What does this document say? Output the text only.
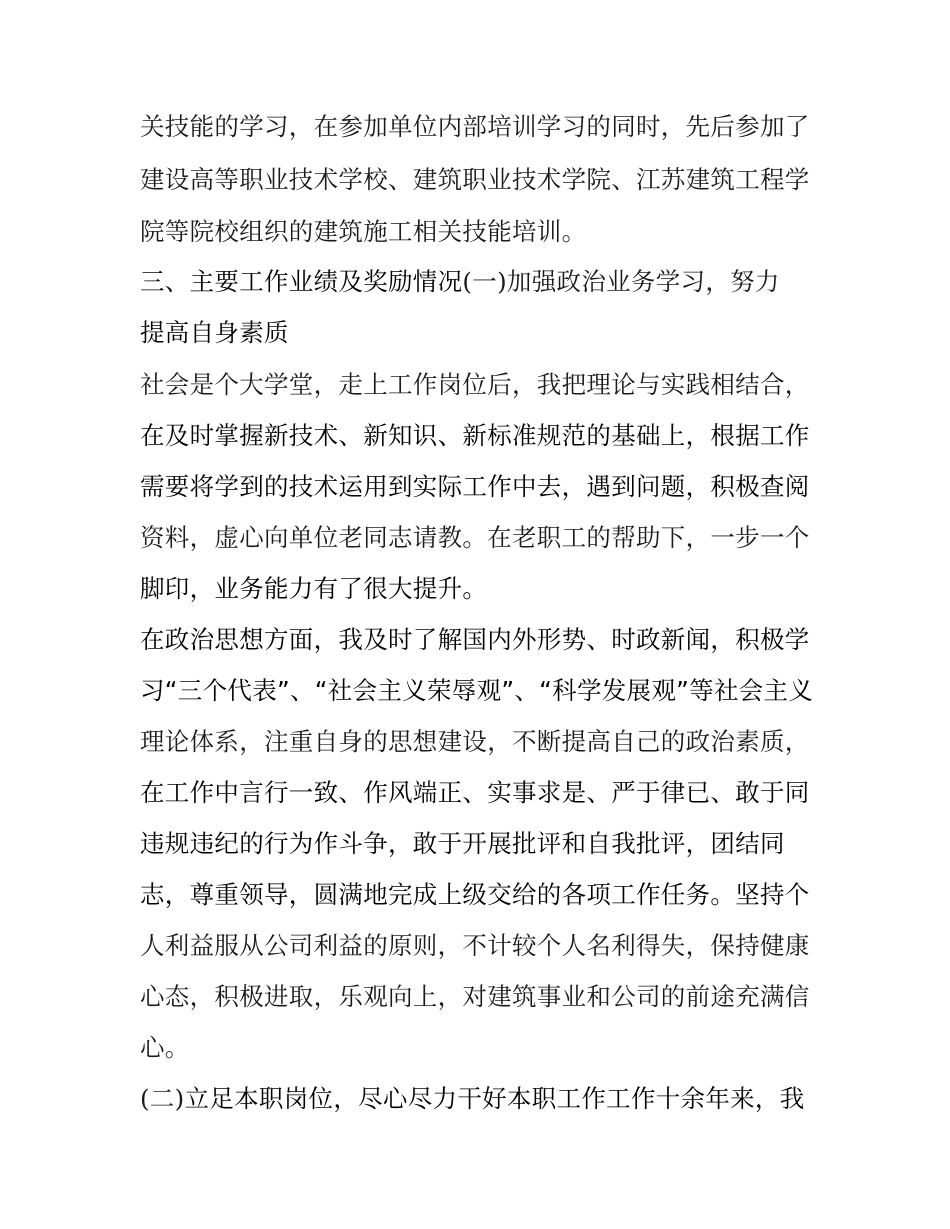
关技能的学习，在参加单位内部培训学习的同时，先后参加了
建设高等职业技术学校、建筑职业技术学院、江苏建筑工程学
院等院校组织的建筑施工相关技能培训。
三、主要工作业绩及奖励情况(一)加强政治业务学习，努力
提高自身素质
社会是个大学堂，走上工作岗位后，我把理论与实践相结合，
在及时掌握新技术、新知识、新标准规范的基础上，根据工作
需要将学到的技术运用到实际工作中去，遇到问题，积极查阅
资料，虚心向单位老同志请教。在老职工的帮助下，一步一个
脚印，业务能力有了很大提升。
在政治思想方面，我及时了解国内外形势、时政新闻，积极学
习“三个代表”、“社会主义荣辱观”、“科学发展观”等社会主义
理论体系，注重自身的思想建设，不断提高自己的政治素质，
在工作中言行一致、作风端正、实事求是、严于律已、敢于同
违规违纪的行为作斗争，敢于开展批评和自我批评，团结同
志，尊重领导，圆满地完成上级交给的各项工作任务。坚持个
人利益服从公司利益的原则，不计较个人名利得失，保持健康
心态，积极进取，乐观向上，对建筑事业和公司的前途充满信
心。
(二)立足本职岗位，尽心尽力干好本职工作工作十余年来，我
